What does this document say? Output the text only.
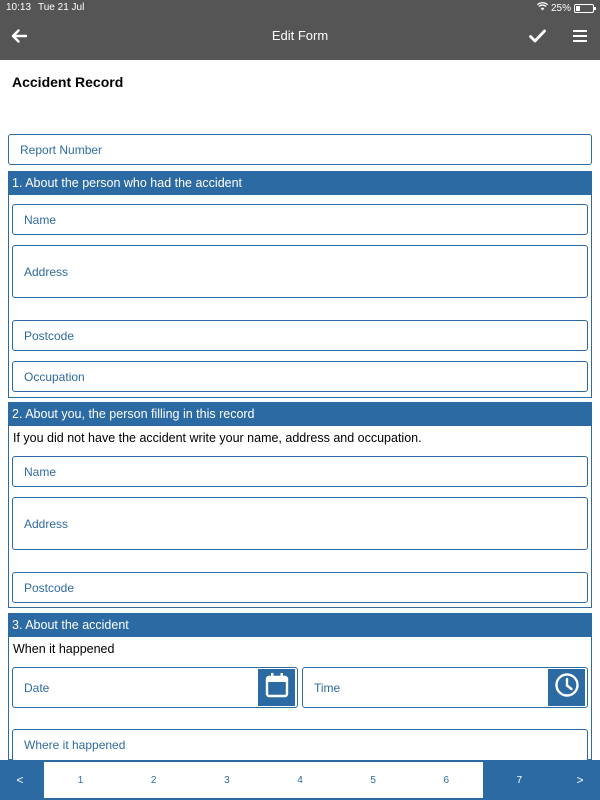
10:13 Tue 21 Jul	25%
Edit Form
Accident Record
Report Number
1. About the person who had the accident
Name
Address
Postcode
Occupation
2. About you, the person filling in this record
If you did not have the accident write your name, address and occupation.
Name
Address
Postcode
3. About the accident
When it happened
Date	Time
Where it happened
<	1	2	3	4	5	6	7	>
